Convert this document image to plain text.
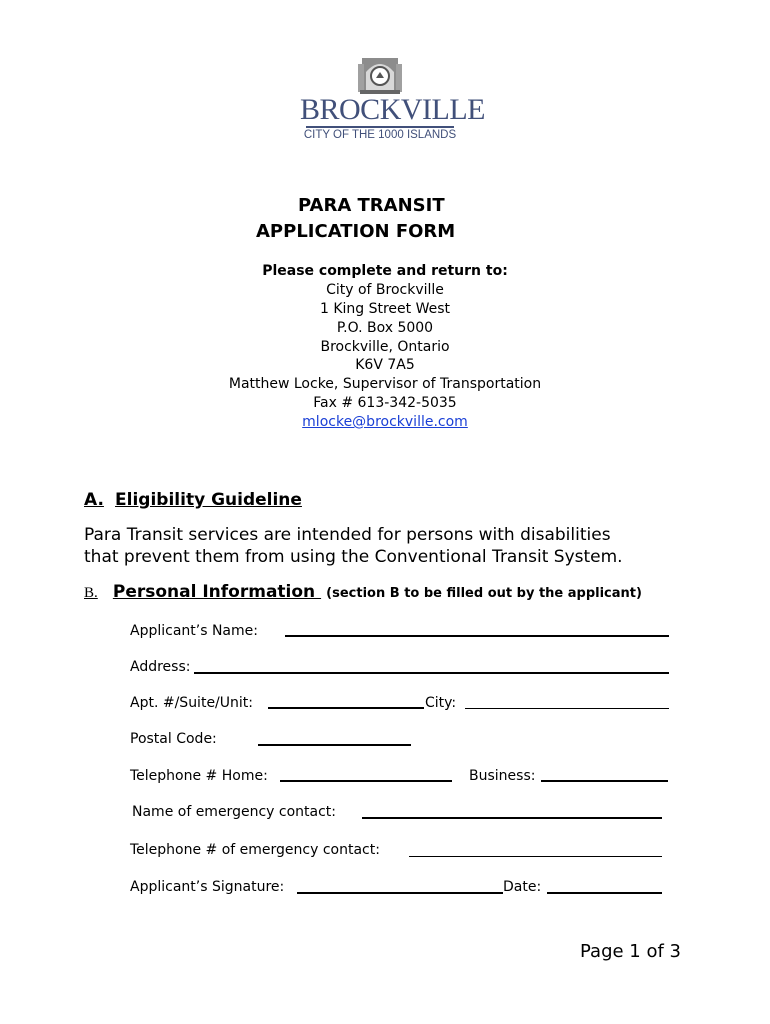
BROCKVILLE
CITY OF THE 1000 ISLANDS
PARA TRANSIT
APPLICATION FORM
Please complete and return to:
City of Brockville
1 King Street West
P.O. Box 5000
Brockville, Ontario
K6V 7A5
Matthew Locke, Supervisor of Transportation
Fax # 613-342-5035
mlocke@brockville.com
A. Eligibility Guideline
Para Transit services are intended for persons with disabilities
that prevent them from using the Conventional Transit System.
B. Personal Information  (section B to be filled out by the applicant)
Applicant’s Name:
Address:
Apt. #/Suite/Unit:	City:
Postal Code:
Telephone # Home:	Business:
Name of emergency contact:
Telephone # of emergency contact:
Applicant’s Signature:	Date:
Page 1 of 3
